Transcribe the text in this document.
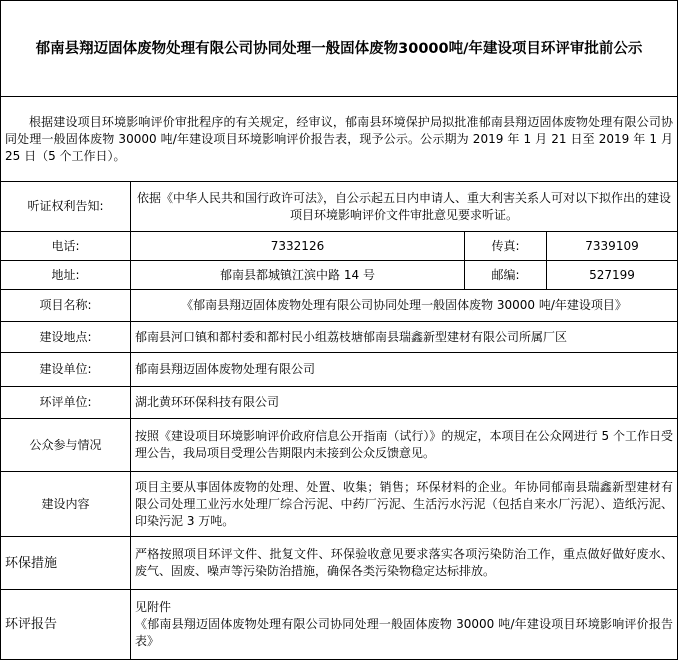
郁南县翔迈固体废物处理有限公司协同处理一般固体废物30000吨/年建设项目环评审批前公示			
根据建设项目环境影响评价审批程序的有关规定，经审议，郁南县环境保护局拟批准郁南县翔迈固体废物处理有限公司协同处理一般固体废物 30000 吨/年建设项目环境影响评价报告表，现予公示。公示期为 2019 年 1 月 21 日至 2019 年 1 月 25 日（5 个工作日）。			
听证权利告知:	依据《中华人民共和国行政许可法》，自公示起五日内申请人、重大利害关系人可对以下拟作出的建设项目环境影响评价文件审批意见要求听证。		
电话:	7332126	传真:	7339109
地址:	郁南县都城镇江滨中路 14 号	邮编:	527199
项目名称:	《郁南县翔迈固体废物处理有限公司协同处理一般固体废物 30000 吨/年建设项目》		
建设地点:	郁南县河口镇和都村委和都村民小组荔枝塘郁南县瑞鑫新型建材有限公司所属厂区		
建设单位:	郁南县翔迈固体废物处理有限公司		
环评单位:	湖北黄环环保科技有限公司		
公众参与情况	按照《建设项目环境影响评价政府信息公开指南（试行）》的规定，本项目在公众网进行 5 个工作日受理公告，我局项目受理公告期限内未接到公众反馈意见。		
建设内容	项目主要从事固体废物的处理、处置、收集；销售；环保材料的企业。年协同郁南县瑞鑫新型建材有限公司处理工业污水处理厂综合污泥、中药厂污泥、生活污水污泥（包括自来水厂污泥）、造纸污泥、印染污泥 3 万吨。		
环保措施	严格按照项目环评文件、批复文件、环保验收意见要求落实各项污染防治工作，重点做好做好废水、废气、固废、噪声等污染防治措施，确保各类污染物稳定达标排放。		
环评报告	见附件
《郁南县翔迈固体废物处理有限公司协同处理一般固体废物 30000 吨/年建设项目环境影响评价报告表》		
